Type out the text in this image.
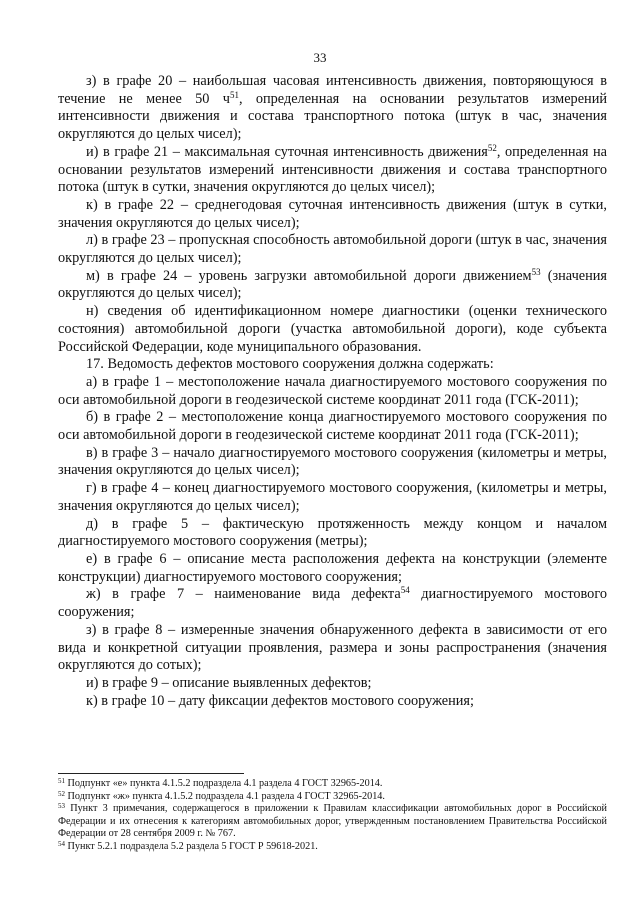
33

з) в графе 20 – наибольшая часовая интенсивность движения, повторяющуюся в течение не менее 50 $ч^{51}$, определенная на основании результатов измерений интенсивности движения и состава транспортного потока (штук в час, значения округляются до целых чисел);

и) в графе 21 – максимальная суточная интенсивность движения$^{52}$, определенная на основании результатов измерений интенсивности движения и состава транспортного потока (штук в сутки, значения округляются до целых чисел);

к) в графе 22 – среднегодовая суточная интенсивность движения (штук в сутки, значения округляются до целых чисел);

л) в графе 23 – пропускная способность автомобильной дороги (штук в час, значения округляются до целых чисел);

м) в графе 24 – уровень загрузки автомобильной дороги движением$^{53}$ (значения округляются до целых чисел);

н) сведения об идентификационном номере диагностики (оценки технического состояния) автомобильной дороги (участка автомобильной дороги), коде субъекта Российской Федерации, коде муниципального образования.

17. Ведомость дефектов мостового сооружения должна содержать:

а) в графе 1 – местоположение начала диагностируемого мостового сооружения по оси автомобильной дороги в геодезической системе координат 2011 года (ГСК-2011);

б) в графе 2 – местоположение конца диагностируемого мостового сооружения по оси автомобильной дороги в геодезической системе координат 2011 года (ГСК-2011);

в) в графе 3 – начало диагностируемого мостового сооружения (километры и метры, значения округляются до целых чисел);

г) в графе 4 – конец диагностируемого мостового сооружения, (километры и метры, значения округляются до целых чисел);

д) в графе 5 – фактическую протяженность между концом и началом диагностируемого мостового сооружения (метры);

е) в графе 6 – описание места расположения дефекта на конструкции (элементе конструкции) диагностируемого мостового сооружения;

ж) в графе 7 – наименование вида дефекта$^{54}$ диагностируемого мостового сооружения;

з) в графе 8 – измеренные значения обнаруженного дефекта в зависимости от его вида и конкретной ситуации проявления, размера и зоны распространения (значения округляются до сотых);

и) в графе 9 – описание выявленных дефектов;

к) в графе 10 – дату фиксации дефектов мостового сооружения;

$^{51}$ Подпункт «е» пункта 4.1.5.2 подраздела 4.1 раздела 4 ГОСТ 32965-2014.

$^{52}$ Подпункт «ж» пункта 4.1.5.2 подраздела 4.1 раздела 4 ГОСТ 32965-2014.

$^{53}$ Пункт 3 примечания, содержащегося в приложении к Правилам классификации автомобильных дорог в Российской Федерации и их отнесения к категориям автомобильных дорог, утвержденным постановлением Правительства Российской Федерации от 28 сентября 2009 г. № 767.

$^{54}$ Пункт 5.2.1 подраздела 5.2 раздела 5 ГОСТ Р 59618-2021.
